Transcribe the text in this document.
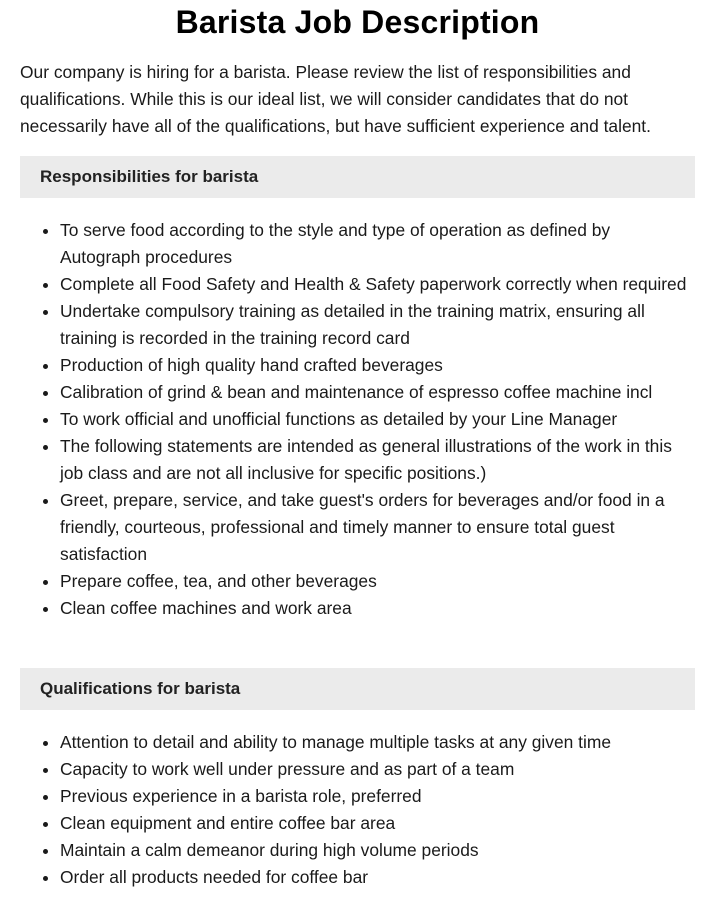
Barista Job Description

Our company is hiring for a barista. Please review the list of responsibilities and qualifications. While this is our ideal list, we will consider candidates that do not necessarily have all of the qualifications, but have sufficient experience and talent.

Responsibilities for barista
• To serve food according to the style and type of operation as defined by Autograph procedures
• Complete all Food Safety and Health & Safety paperwork correctly when required
• Undertake compulsory training as detailed in the training matrix, ensuring all training is recorded in the training record card
• Production of high quality hand crafted beverages
• Calibration of grind & bean and maintenance of espresso coffee machine incl
• To work official and unofficial functions as detailed by your Line Manager
• The following statements are intended as general illustrations of the work in this job class and are not all inclusive for specific positions.)
• Greet, prepare, service, and take guest's orders for beverages and/or food in a friendly, courteous, professional and timely manner to ensure total guest satisfaction
• Prepare coffee, tea, and other beverages
• Clean coffee machines and work area
Qualifications for barista
• Attention to detail and ability to manage multiple tasks at any given time
• Capacity to work well under pressure and as part of a team
• Previous experience in a barista role, preferred
• Clean equipment and entire coffee bar area
• Maintain a calm demeanor during high volume periods
• Order all products needed for coffee bar
